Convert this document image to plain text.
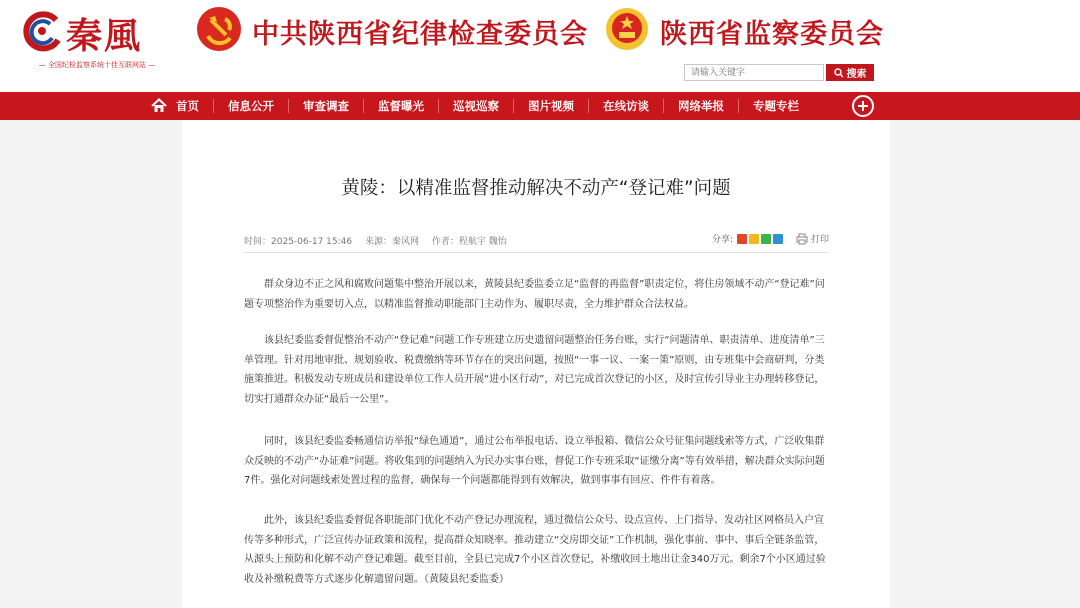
秦風
— 全国纪检监察系统十佳互联网站 —
中共陕西省纪律检查委员会	陕西省监察委员会
请输入关键字
搜索
首页	信息公开	审查调查	监督曝光	巡视巡察	图片视频	在线访谈	网络举报	专题专栏
黄陵：以精准监督推动解决不动产“登记难”问题
时间：2025-06-17 15:46 来源：秦风网 作者：程航宇 魏怡	分享:	打印

群众身边不正之风和腐败问题集中整治开展以来，黄陵县纪委监委立足“监督的再监督”职责定位，将住房领域不动产“登记难”问题专项整治作为重要切入点，以精准监督推动职能部门主动作为、履职尽责，全力维护群众合法权益。

该县纪委监委督促整治不动产“登记难”问题工作专班建立历史遗留问题整治任务台账，实行“问题清单、职责清单、进度清单”三单管理。针对用地审批、规划验收、税费缴纳等环节存在的突出问题，按照“一事一议、一案一策”原则，由专班集中会商研判，分类施策推进。积极发动专班成员和建设单位工作人员开展“进小区行动”，对已完成首次登记的小区，及时宣传引导业主办理转移登记，切实打通群众办证“最后一公里”。

同时，该县纪委监委畅通信访举报“绿色通道”，通过公布举报电话、设立举报箱、微信公众号征集问题线索等方式，广泛收集群众反映的不动产“办证难”问题。将收集到的问题纳入为民办实事台账，督促工作专班采取“证缴分离”等有效举措，解决群众实际问题7件。强化对问题线索处置过程的监督，确保每一个问题都能得到有效解决，做到事事有回应、件件有着落。

此外，该县纪委监委督促各职能部门优化不动产登记办理流程，通过微信公众号、设点宣传、上门指导、发动社区网格员入户宣传等多种形式，广泛宣传办证政策和流程，提高群众知晓率。推动建立“交房即交证”工作机制，强化事前、事中、事后全链条监管，从源头上预防和化解不动产登记难题。截至目前，全县已完成7个小区首次登记，补缴收回土地出让金340万元。剩余7个小区通过验收及补缴税费等方式逐步化解遗留问题。（黄陵县纪委监委）
